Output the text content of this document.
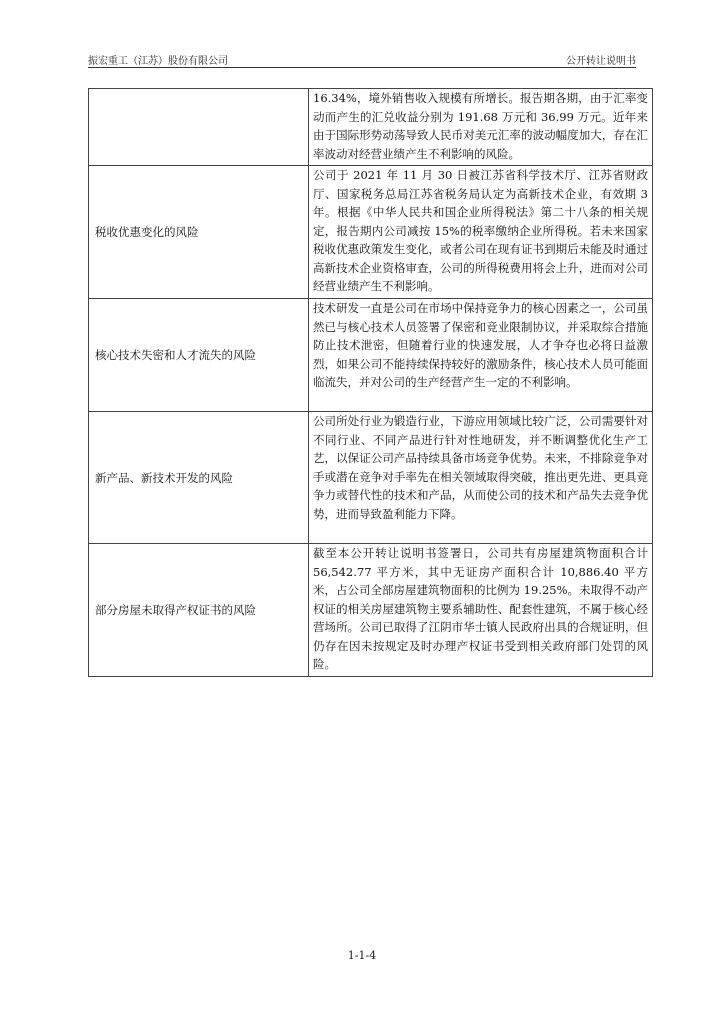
振宏重工（江苏）股份有限公司	公开转让说明书
	16.34%，境外销售收入规模有所增长。报告期各期，由于汇率变动而产生的汇兑收益分别为 191.68 万元和 36.99 万元。近年来由于国际形势动荡导致人民币对美元汇率的波动幅度加大，存在汇率波动对经营业绩产生不利影响的风险。
税收优惠变化的风险	公司于 2021 年 11 月 30 日被江苏省科学技术厅、江苏省财政厅、国家税务总局江苏省税务局认定为高新技术企业，有效期 3 年。根据《中华人民共和国企业所得税法》第二十八条的相关规定，报告期内公司减按 15%的税率缴纳企业所得税。若未来国家税收优惠政策发生变化，或者公司在现有证书到期后未能及时通过高新技术企业资格审查，公司的所得税费用将会上升，进而对公司经营业绩产生不利影响。
核心技术失密和人才流失的风险	技术研发一直是公司在市场中保持竞争力的核心因素之一，公司虽然已与核心技术人员签署了保密和竞业限制协议，并采取综合措施防止技术泄密，但随着行业的快速发展，人才争夺也必将日益激烈，如果公司不能持续保持较好的激励条件，核心技术人员可能面临流失，并对公司的生产经营产生一定的不利影响。
新产品、新技术开发的风险	公司所处行业为锻造行业，下游应用领域比较广泛，公司需要针对不同行业、不同产品进行针对性地研发，并不断调整优化生产工艺，以保证公司产品持续具备市场竞争优势。未来，不排除竞争对手或潜在竞争对手率先在相关领域取得突破，推出更先进、更具竞争力或替代性的技术和产品，从而使公司的技术和产品失去竞争优势，进而导致盈利能力下降。
部分房屋未取得产权证书的风险	截至本公开转让说明书签署日，公司共有房屋建筑物面积合计 56,542.77 平方米，其中无证房产面积合计 10,886.40 平方米，占公司全部房屋建筑物面积的比例为 19.25%。未取得不动产权证的相关房屋建筑物主要系辅助性、配套性建筑，不属于核心经营场所。公司已取得了江阴市华士镇人民政府出具的合规证明，但仍存在因未按规定及时办理产权证书受到相关政府部门处罚的风险。
1-1-4
